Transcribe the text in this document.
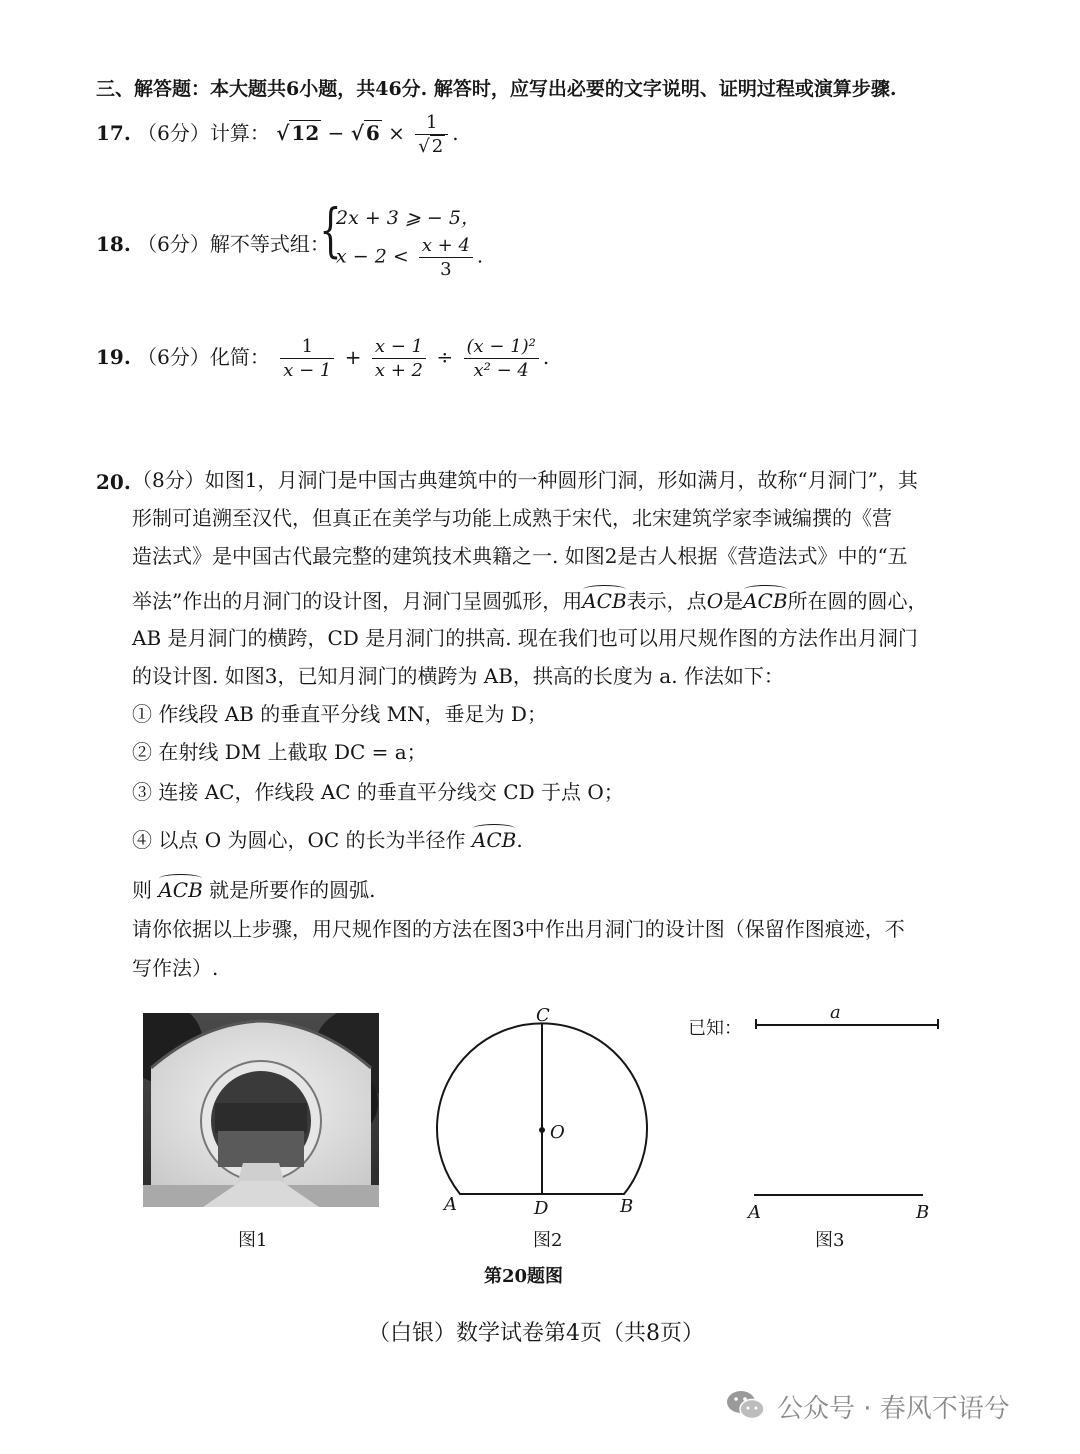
三、解答题：本大题共6小题，共46分. 解答时，应写出必要的文字说明、证明过程或演算步骤.
17. （6分）计算： √ 12 − √ $6 \times \frac{1}{√ 2}$ .
18. （6分）解不等式组：
{
2x + 3 ⩾ − 5，
$x - 2 < \frac{x + 4}{3}$ .
19. （6分）化简： $\frac{1}{x - 1} + \frac{x - 1}{x + 2} \div \frac{\text{(x − 1)²}}{\text{x² − 4}}$ .
20. （8分）如图1，月洞门是中国古典建筑中的一种圆形门洞，形如满月，故称“月洞门”，其
形制可追溯至汉代，但真正在美学与功能上成熟于宋代，北宋建筑学家李诫编撰的《营
造法式》是中国古代最完整的建筑技术典籍之一. 如图2是古人根据《营造法式》中的“五
举法”作出的月洞门的设计图，月洞门呈圆弧形，用ACB表示，点O是ACB所在圆的圆心，
AB 是月洞门的横跨，CD 是月洞门的拱高. 现在我们也可以用尺规作图的方法作出月洞门
的设计图. 如图3，已知月洞门的横跨为 AB，拱高的长度为 a. 作法如下：
① 作线段 AB 的垂直平分线 MN，垂足为 D；
② 在射线 DM 上截取 DC = a；
③ 连接 AC，作线段 AC 的垂直平分线交 CD 于点 O；
④ 以点 O 为圆心，OC 的长为半径作 ACB.
则 ACB 就是所要作的圆弧.
请你依据以上步骤，用尺规作图的方法在图3中作出月洞门的设计图（保留作图痕迹，不
写作法）.
图1
C
O
A	D	B
图2
已知：
a
A	B
图3
第20题图
（白银）数学试卷第4页（共8页）
公众号 · 春风不语兮
